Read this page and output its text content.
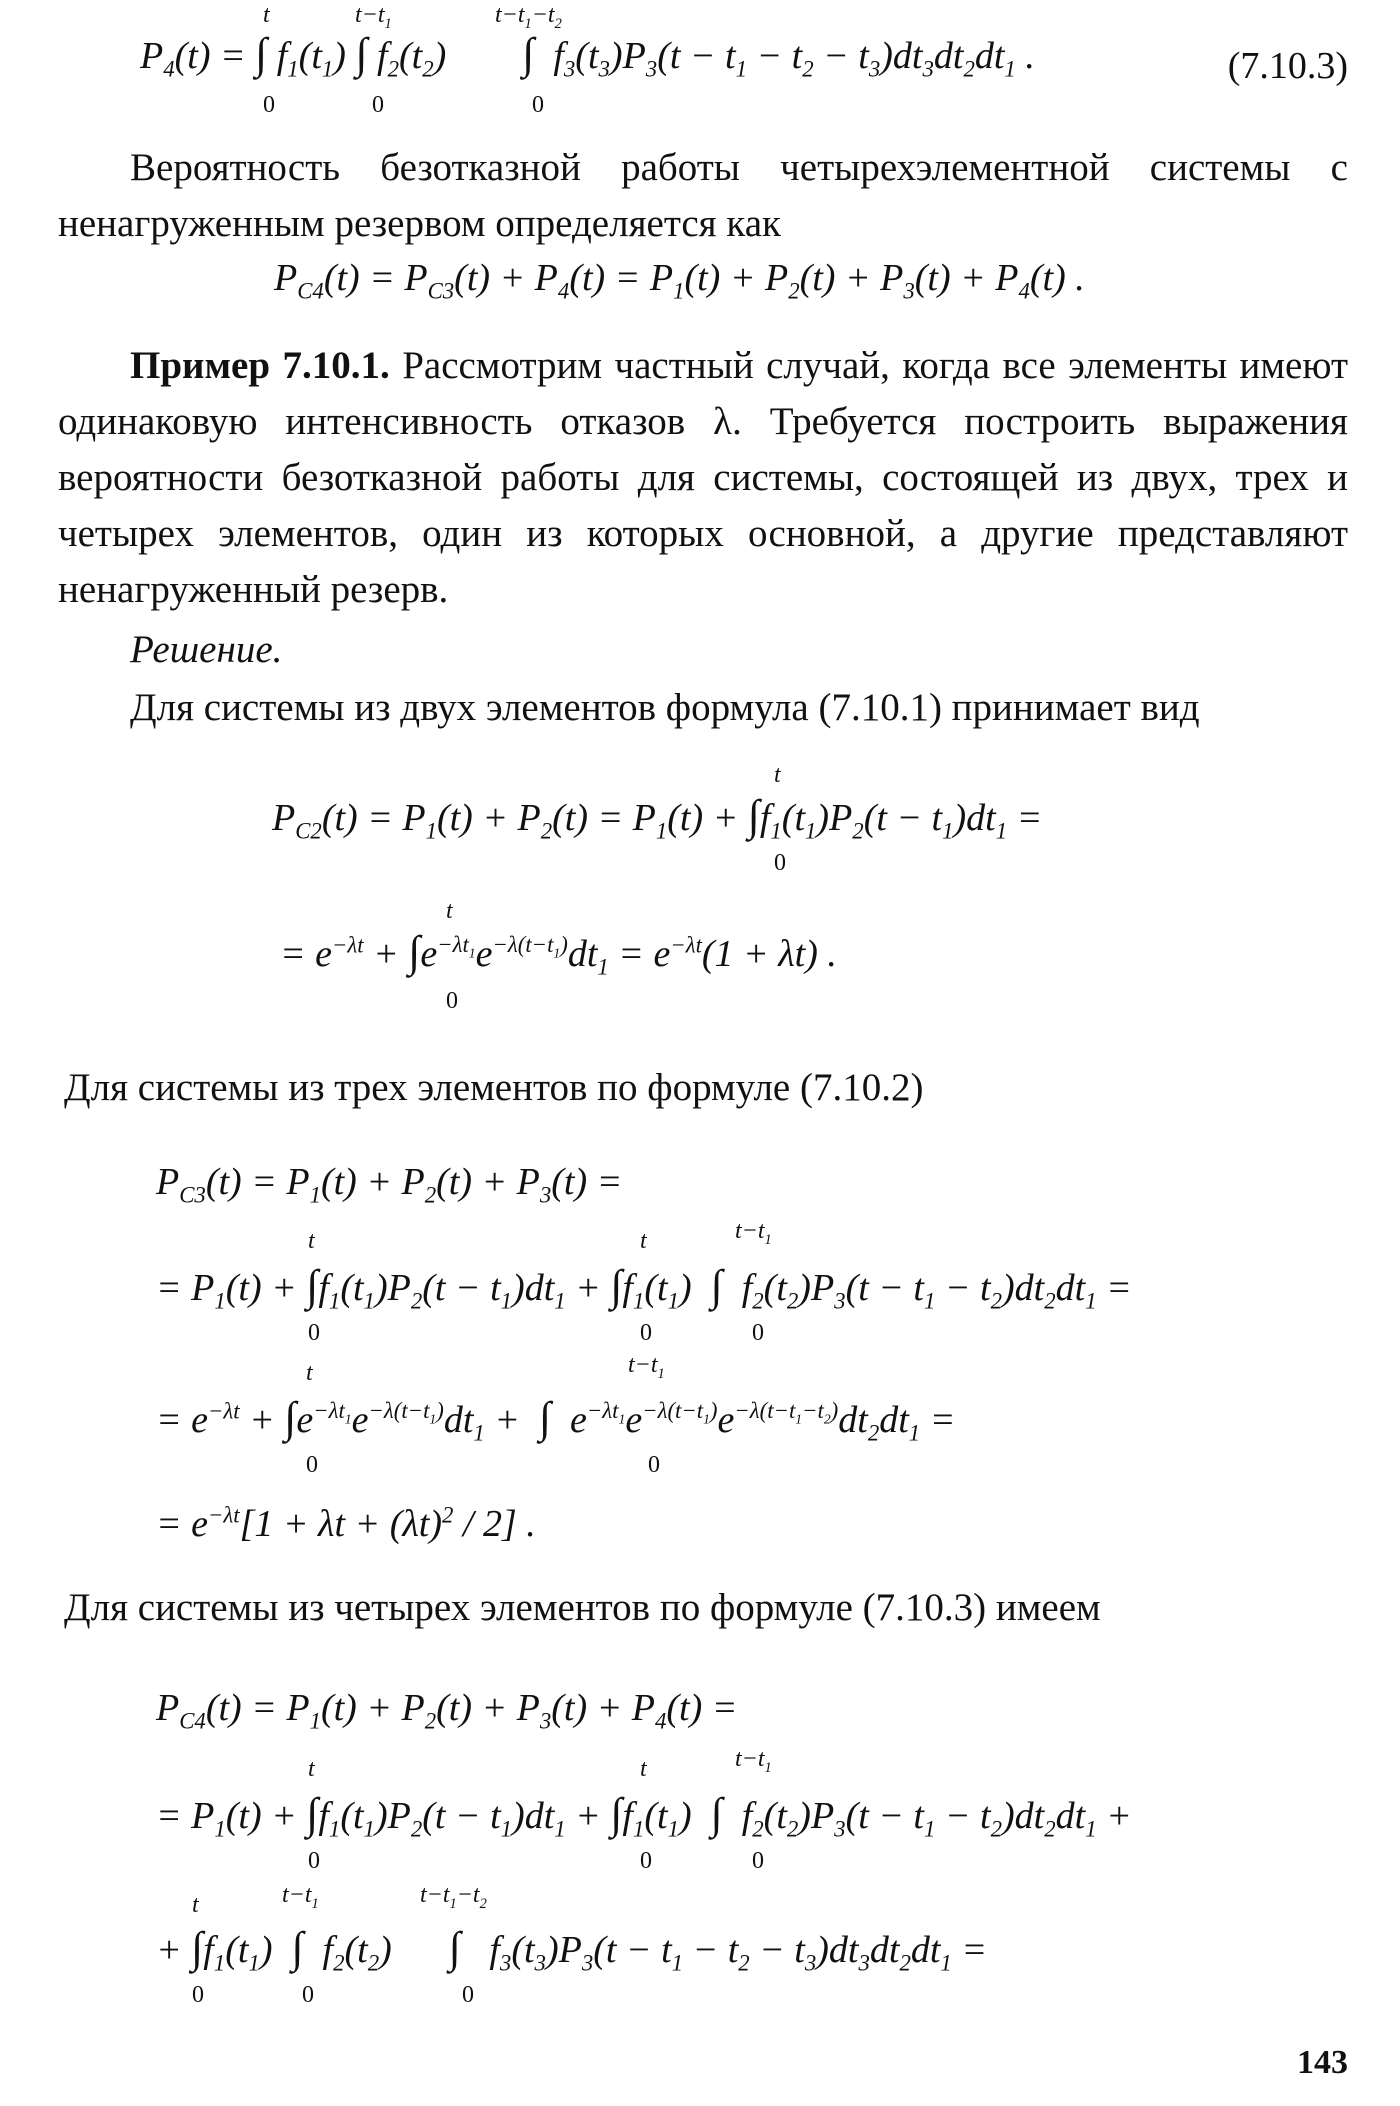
$P_4(t)$ = ∫ $f_1(t_1)$ ∫ $f_2(t_2)$        ∫  $f_3(t_3)P_3(t - t_1 - t_2 - t_3)dt_3dt_2dt_1$ .
t	$t-t_1$	$t-t_1-t_2$
0	0	0
(7.10.3)
Вероятность безотказной работы четырехэлементной системы с ненагруженным резервом определяется как
$P_{C4}(t) = P_{C3}(t) + P_4(t) = P_1(t) + P_2(t) + P_3(t) + P_4(t)$ .
Пример 7.10.1. Рассмотрим частный случай, когда все элементы имеют одинаковую интенсивность отказов λ. Требуется построить выражения вероятности безотказной работы для системы, состоящей из двух, трех и четырех элементов, один из которых основной, а другие представляют ненагруженный резерв.
Решение.
Для системы из двух элементов формула (7.10.1) принимает вид
$P_{C2}(t) = P_1(t) + P_2(t) = P_1(t) + \int f_1(t_1)P_2(t - t_1)dt_1$ =
t
0
= $e^{-\lambda t} + \int e^{-\lambda t_1}e^{-\lambda(t-t_1)}dt_1 = e^{-\lambda t}(1 + \lambda t)$ .
t
0
Для системы из трех элементов по формуле (7.10.2)
$P_{C3}(t) = P_1(t) + P_2(t) + P_3(t)$ =
= $P_1(t) + \int f_1(t_1)P_2(t - t_1)dt_1 + \int f_1(t_1)$  ∫  $f_2(t_2)P_3(t - t_1 - t_2)dt_2dt_1$ =
t
0
t
0
$t-t_1$
0
= $e^{-\lambda t} + \int e^{-\lambda t_1}e^{-\lambda(t-t_1)}dt_1$ +  ∫  $e^{-\lambda t_1}e^{-\lambda(t-t_1)}e^{-\lambda(t-t_1-t_2)}dt_2dt_1$ =
t
0
$t-t_1$
0
= $e^{-\lambda t}[1 + \lambda t + (\lambda t)^2 / 2]$ .
Для системы из четырех элементов по формуле (7.10.3) имеем
$P_{C4}(t) = P_1(t) + P_2(t) + P_3(t) + P_4(t)$ =
= $P_1(t) + \int f_1(t_1)P_2(t - t_1)dt_1 + \int f_1(t_1)$  ∫  $f_2(t_2)P_3(t - t_1 - t_2)dt_2dt_1$ +
t
0
t
0
$t-t_1$
0
+ $\int f_1(t_1)$  ∫  $f_2(t_2)$      ∫   $f_3(t_3)P_3(t - t_1 - t_2 - t_3)dt_3dt_2dt_1$ =
t
0
$t-t_1$
0
$t-t_1-t_2$
0
143
